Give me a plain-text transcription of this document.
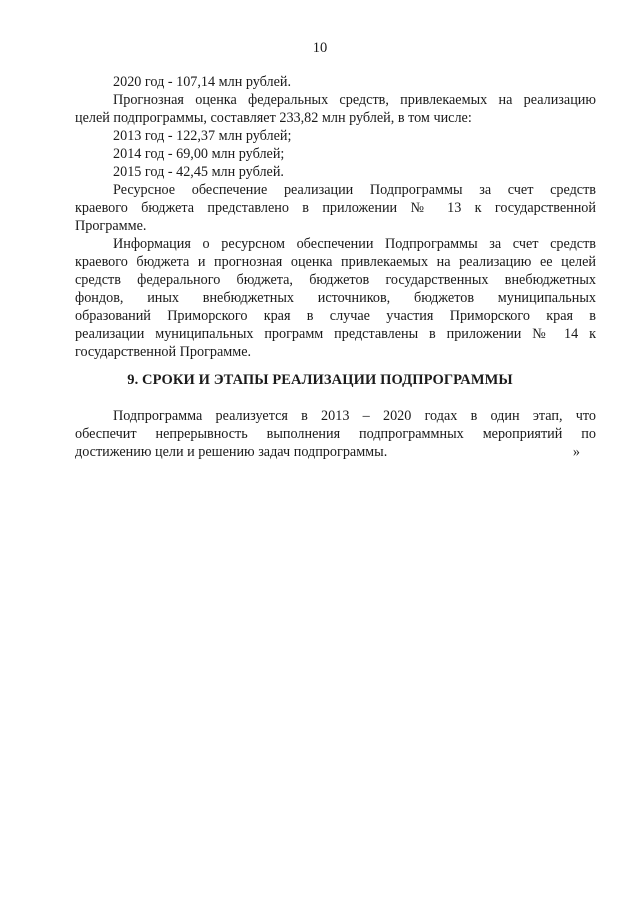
10
2020 год - 107,14 млн рублей.
Прогнозная оценка федеральных средств, привлекаемых на реализацию
целей подпрограммы, составляет 233,82 млн рублей, в том числе:
2013 год - 122,37 млн рублей;
2014 год - 69,00 млн рублей;
2015 год - 42,45 млн рублей.
Ресурсное обеспечение реализации Подпрограммы за счет средств
краевого бюджета представлено в приложении № 13 к государственной
Программе.
Информация о ресурсном обеспечении Подпрограммы за счет средств
краевого бюджета и прогнозная оценка привлекаемых на реализацию ее целей
средств федерального бюджета, бюджетов государственных внебюджетных
фондов, иных внебюджетных источников, бюджетов муниципальных
образований Приморского края в случае участия Приморского края в
реализации муниципальных программ представлены в приложении № 14 к
государственной Программе.
9. СРОКИ И ЭТАПЫ РЕАЛИЗАЦИИ ПОДПРОГРАММЫ
Подпрограмма реализуется в 2013 – 2020 годах в один этап, что
обеспечит непрерывность выполнения подпрограммных мероприятий по
достижению цели и решению задач подпрограммы.	»
